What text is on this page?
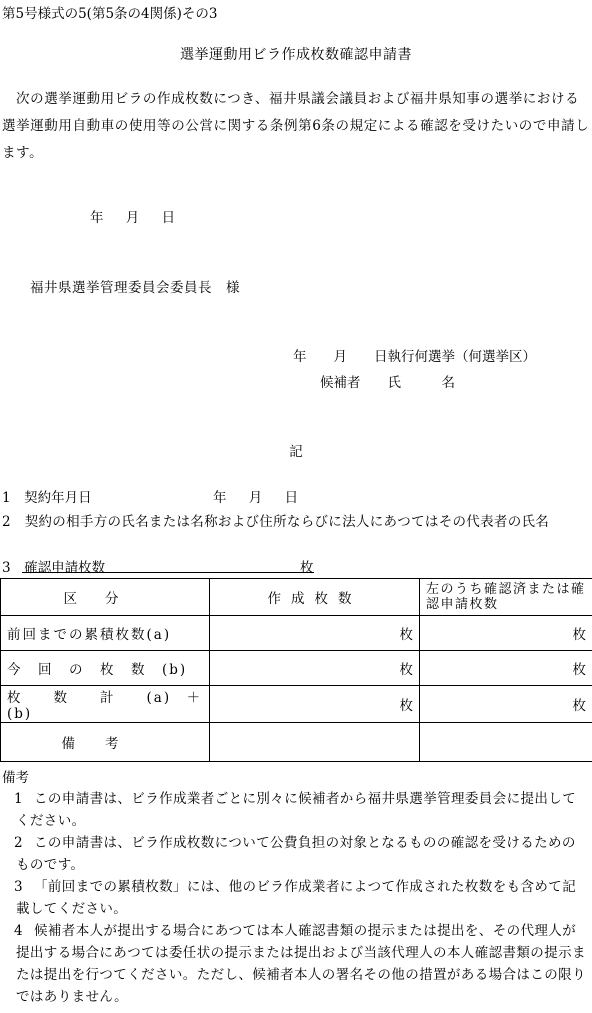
第5号様式の5(第5条の4関係)その3
選挙運動用ビラ作成枚数確認申請書
次の選挙運動用ビラの作成枚数につき、福井県議会議員および福井県知事の選挙における選挙運動用自動車の使用等の公営に関する条例第6条の規定による確認を受けたいので申請します。
年 月 日
福井県選挙管理委員会委員長　様
年　　月　　日執行何選挙（何選挙区）
候補者　　氏　　　名
記
1　契約年月日	年 月 日
2　契約の相手方の氏名または名称および住所ならびに法人にあつてはその代表者の氏名
3　確認申請枚数	枚
区分	作成枚数	左のうち確認済または確認申請枚数
前回までの累積枚数(a)	枚	枚
今　回　の　枚　数　(b)	枚	枚
枚　　数　　計　　(a)　＋　(b)	枚	枚
備考		
備考
1 この申請書は、ビラ作成業者ごとに別々に候補者から福井県選挙管理委員会に提出してください。
2 この申請書は、ビラ作成枚数について公費負担の対象となるものの確認を受けるためのものです。
3 「前回までの累積枚数」には、他のビラ作成業者によつて作成された枚数をも含めて記載してください。
4 候補者本人が提出する場合にあつては本人確認書類の提示または提出を、その代理人が提出する場合にあつては委任状の提示または提出および当該代理人の本人確認書類の提示または提出を行つてください。ただし、候補者本人の署名その他の措置がある場合はこの限りではありません。
